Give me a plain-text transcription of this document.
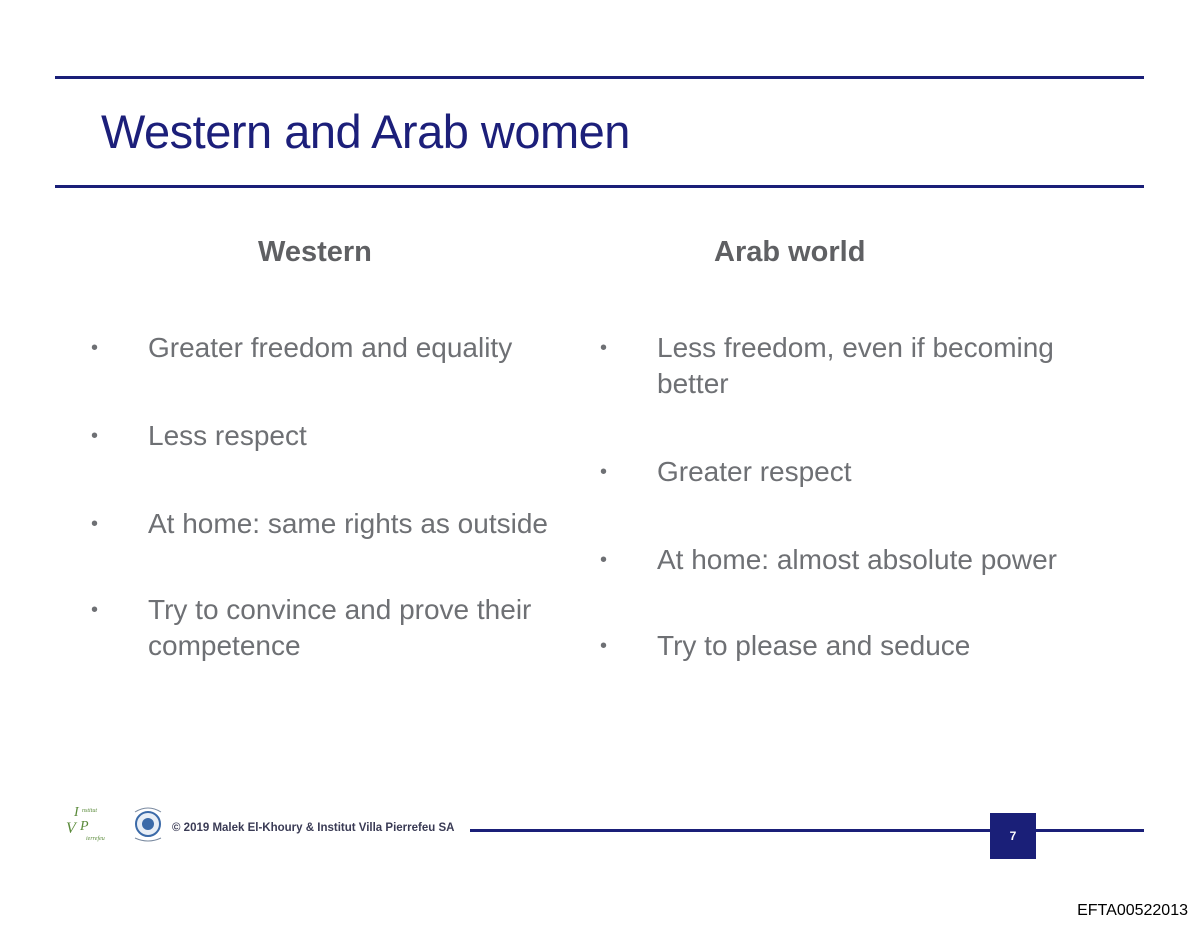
Western and Arab women
Western	Arab world
• Greater freedom and equality
• Less respect
• At home: same rights as outside
• Try to convince and prove their competence
• Less freedom, even if becoming better
• Greater respect
• At home: almost absolute power
• Try to please and seduce
I nstitut
V P
ierrefeu
© 2019 Malek El-Khoury & Institut Villa Pierrefeu SA
7
EFTA00522013
